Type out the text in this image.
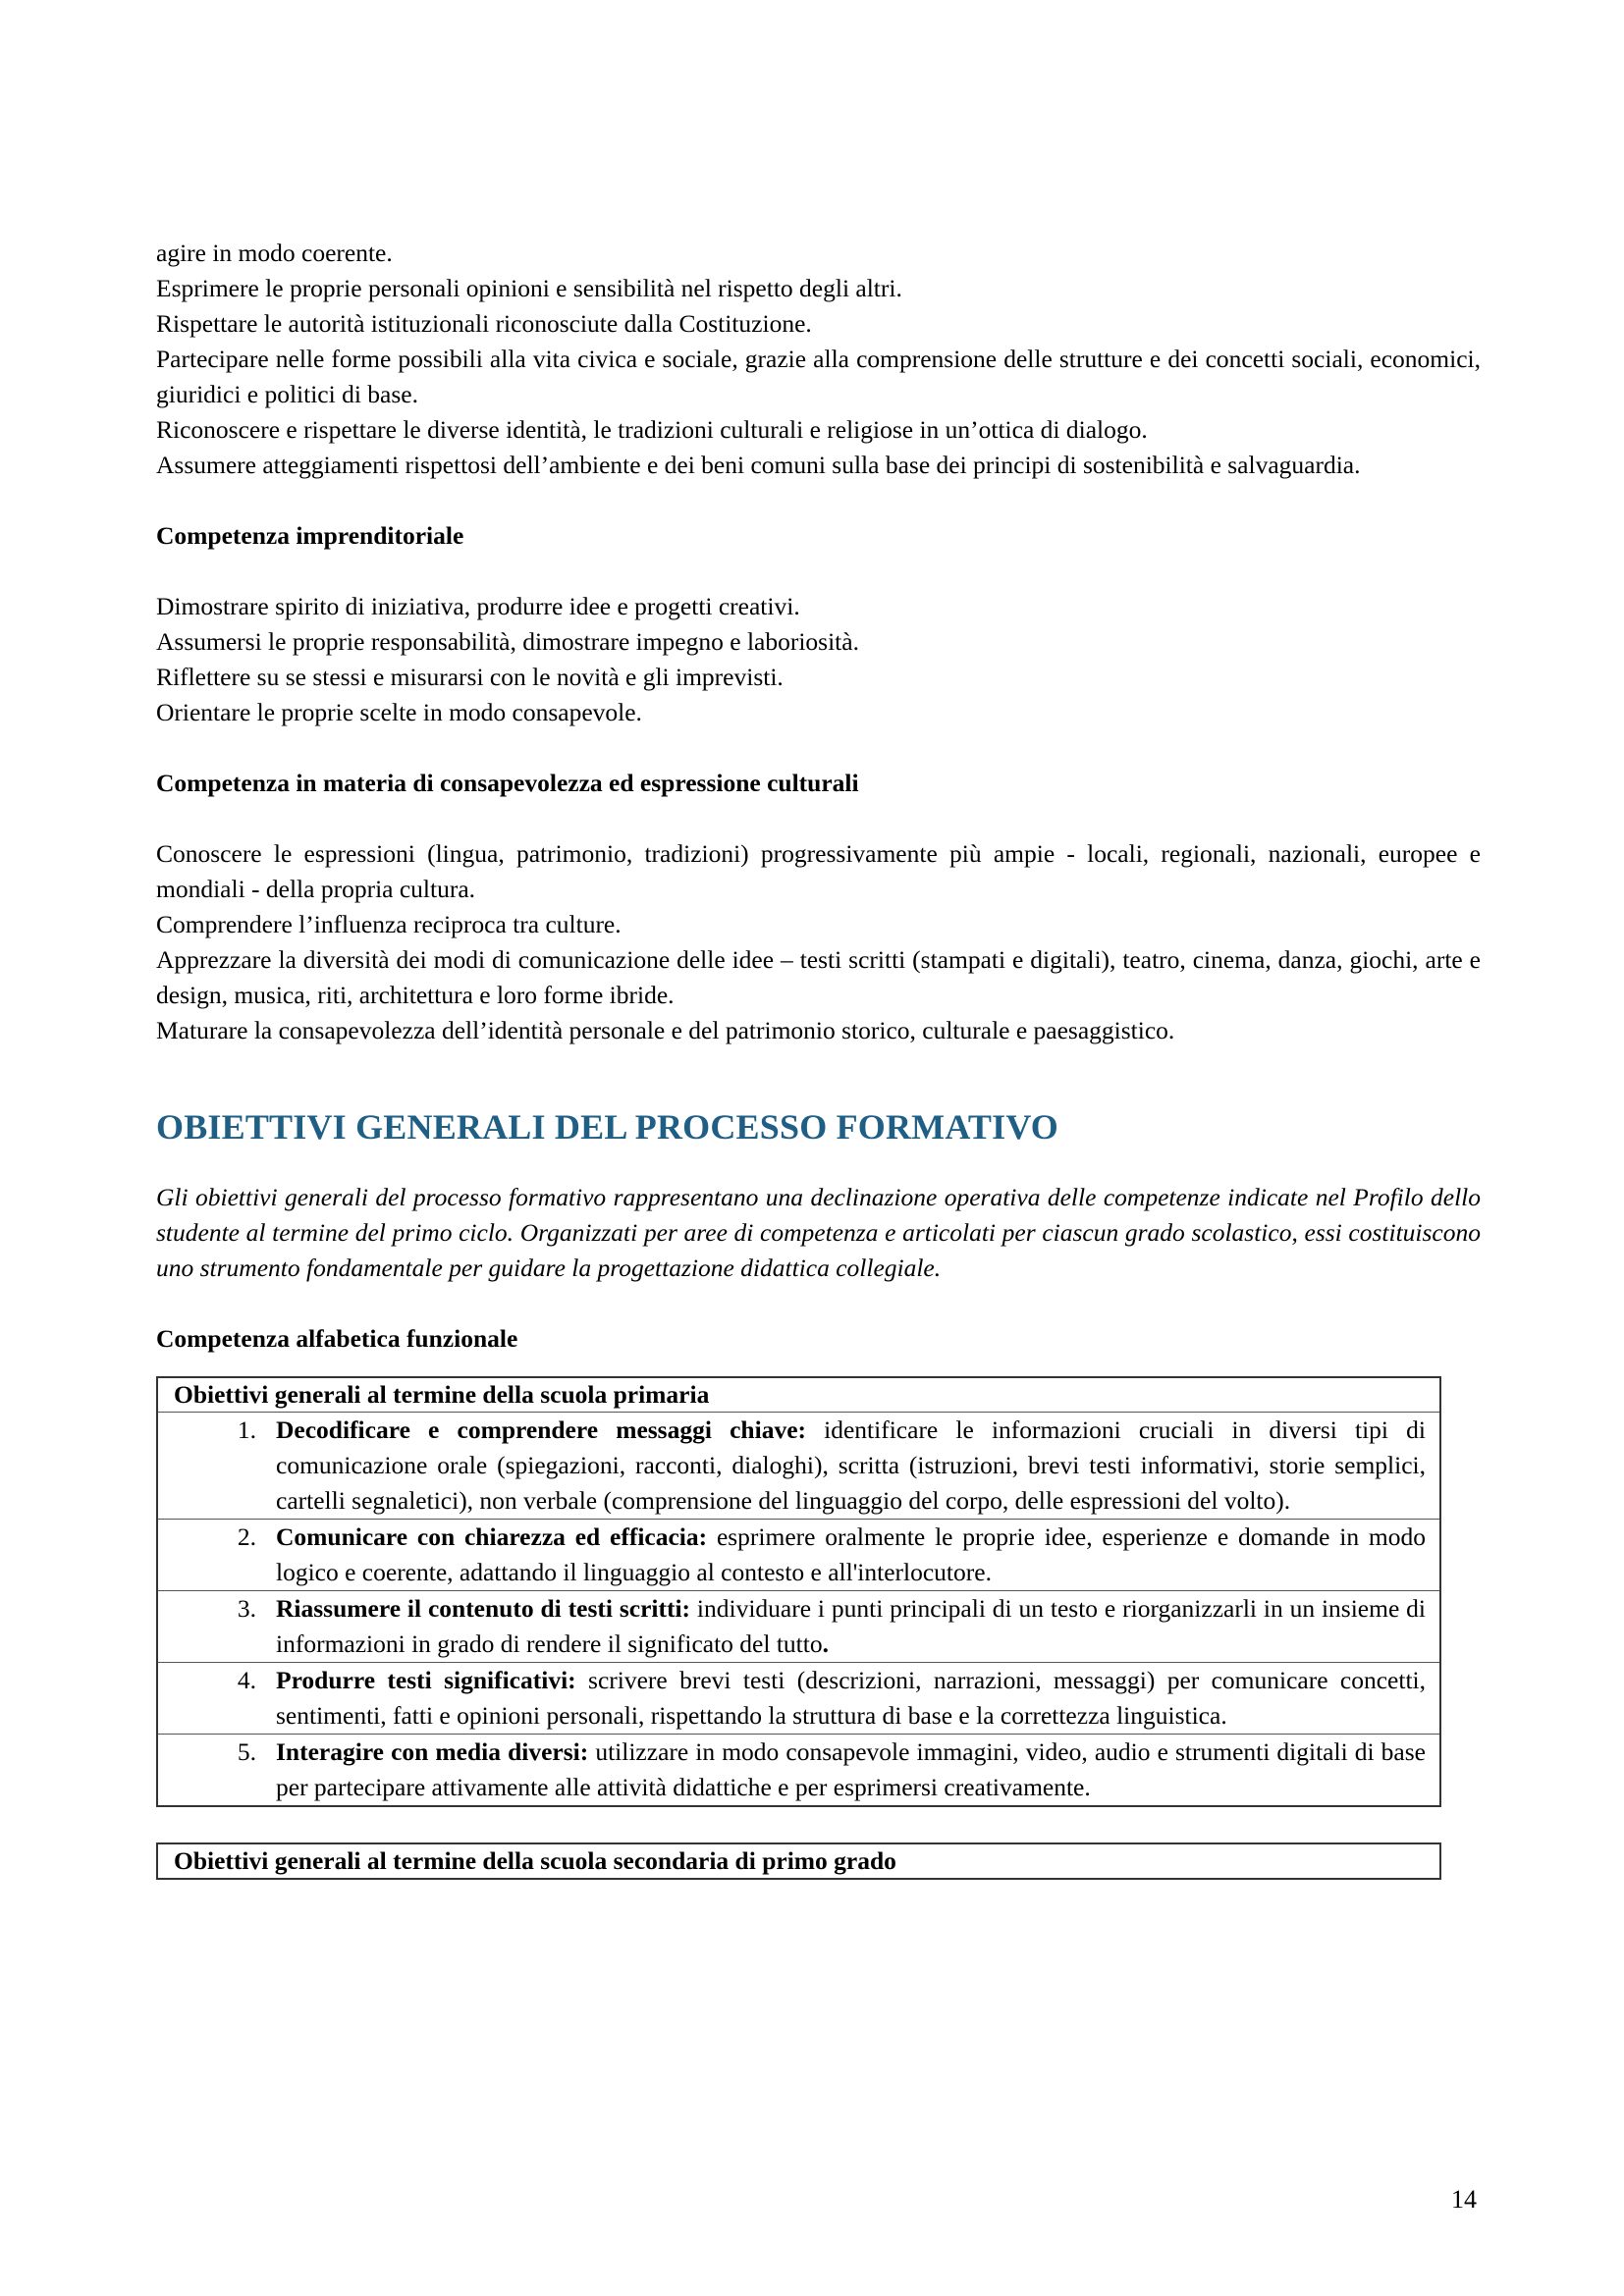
agire in modo coerente.

Esprimere le proprie personali opinioni e sensibilità nel rispetto degli altri.

Rispettare le autorità istituzionali riconosciute dalla Costituzione.

Partecipare nelle forme possibili alla vita civica e sociale, grazie alla comprensione delle strutture e dei concetti sociali, economici, giuridici e politici di base.

Riconoscere e rispettare le diverse identità, le tradizioni culturali e religiose in un’ottica di dialogo.

Assumere atteggiamenti rispettosi dell’ambiente e dei beni comuni sulla base dei principi di sostenibilità e salvaguardia.

Competenza imprenditoriale

Dimostrare spirito di iniziativa, produrre idee e progetti creativi.

Assumersi le proprie responsabilità, dimostrare impegno e laboriosità.

Riflettere su se stessi e misurarsi con le novità e gli imprevisti.

Orientare le proprie scelte in modo consapevole.

Competenza in materia di consapevolezza ed espressione culturali

Conoscere le espressioni (lingua, patrimonio, tradizioni) progressivamente più ampie - locali, regionali, nazionali, europee e mondiali - della propria cultura.

Comprendere l’influenza reciproca tra culture.

Apprezzare la diversità dei modi di comunicazione delle idee – testi scritti (stampati e digitali), teatro, cinema, danza, giochi, arte e design, musica, riti, architettura e loro forme ibride.

Maturare la consapevolezza dell’identità personale e del patrimonio storico, culturale e paesaggistico.

OBIETTIVI GENERALI DEL PROCESSO FORMATIVO

Gli obiettivi generali del processo formativo rappresentano una declinazione operativa delle competenze indicate nel Profilo dello studente al termine del primo ciclo. Organizzati per aree di competenza e articolati per ciascun grado scolastico, essi costituiscono uno strumento fondamentale per guidare la progettazione didattica collegiale.

Competenza alfabetica funzionale

Obiettivi generali al termine della scuola primaria

1. Decodificare e comprendere messaggi chiave: identificare le informazioni cruciali in diversi tipi di comunicazione orale (spiegazioni, racconti, dialoghi), scritta (istruzioni, brevi testi informativi, storie semplici, cartelli segnaletici), non verbale (comprensione del linguaggio del corpo, delle espressioni del volto).

2. Comunicare con chiarezza ed efficacia: esprimere oralmente le proprie idee, esperienze e domande in modo logico e coerente, adattando il linguaggio al contesto e all'interlocutore.

3. Riassumere il contenuto di testi scritti: individuare i punti principali di un testo e riorganizzarli in un insieme di informazioni in grado di rendere il significato del tutto.

4. Produrre testi significativi: scrivere brevi testi (descrizioni, narrazioni, messaggi) per comunicare concetti, sentimenti, fatti e opinioni personali, rispettando la struttura di base e la correttezza linguistica.

5. Interagire con media diversi: utilizzare in modo consapevole immagini, video, audio e strumenti digitali di base per partecipare attivamente alle attività didattiche e per esprimersi creativamente.
Obiettivi generali al termine della scuola secondaria di primo grado
14
